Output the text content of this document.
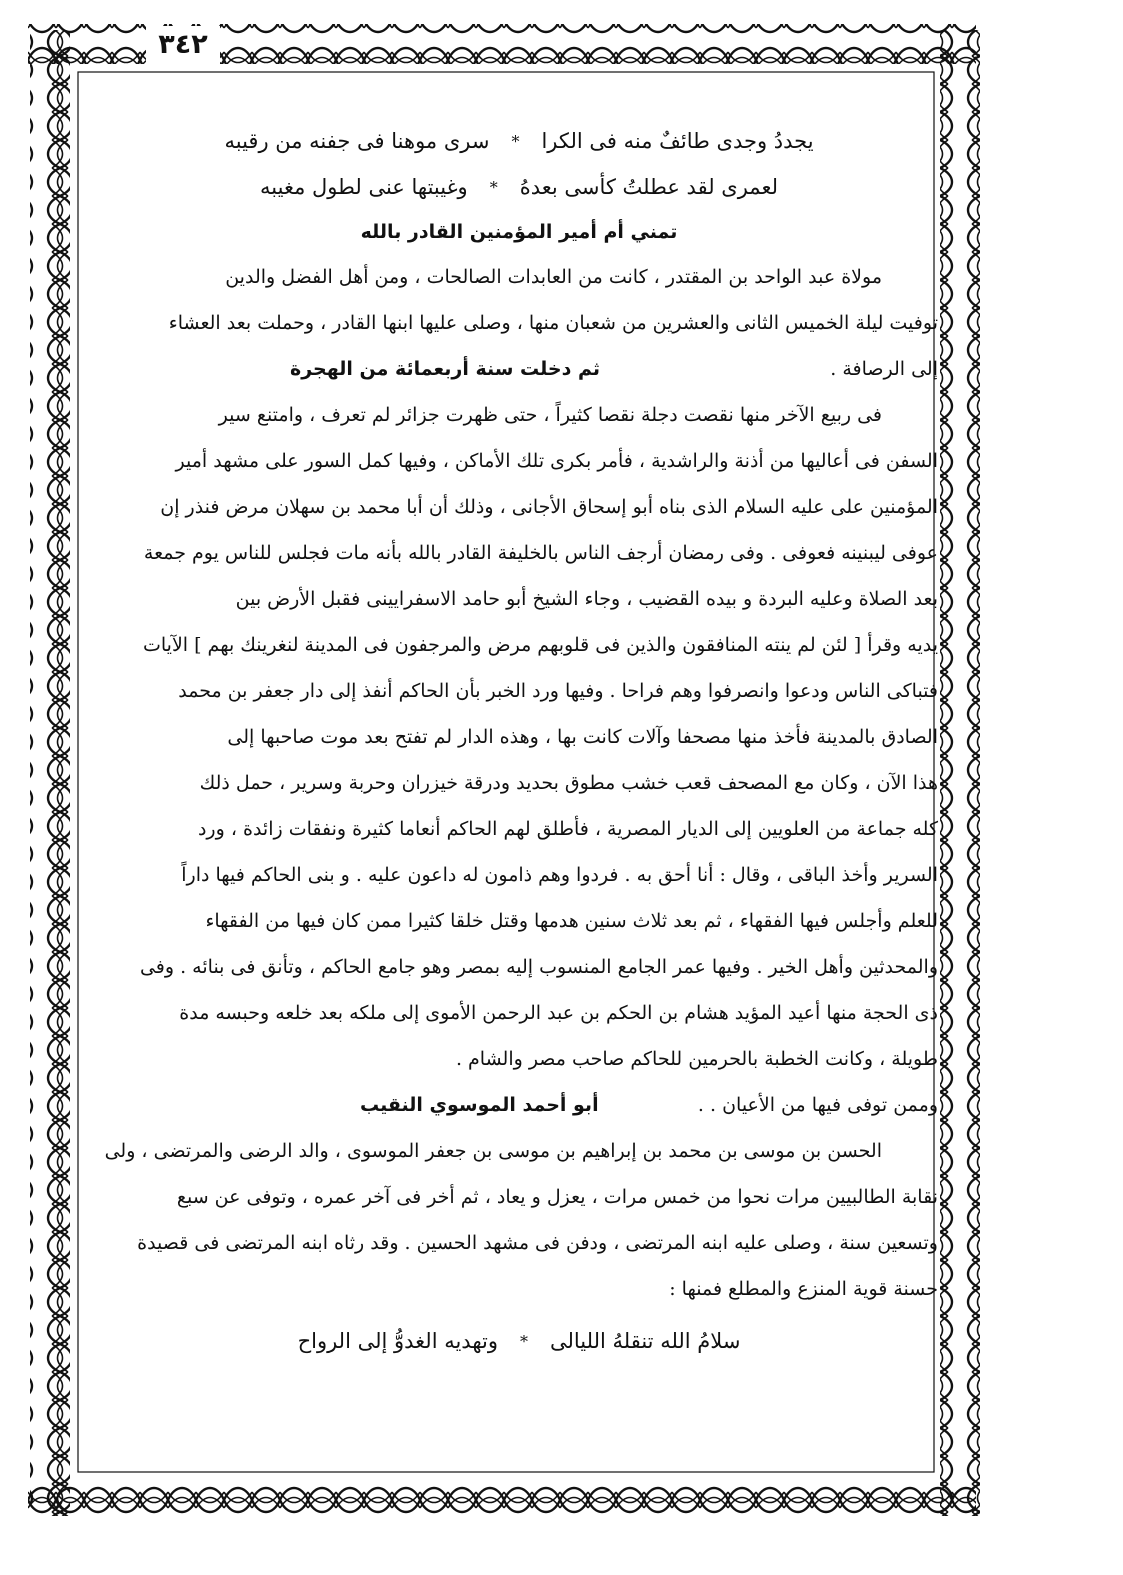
٣٤٢
يجددُ وجدى طائفٌ منه فى الكرا
*
سرى موهنا فى جفنه من رقيبه
لعمرى لقد عطلتُ كأسى بعدهُ
*
وغيبتها عنى لطول مغيبه
تمني أم أمير المؤمنين القادر بالله
مولاة عبد الواحد بن المقتدر ، كانت من العابدات الصالحات ، ومن أهل الفضل والدين
توفيت ليلة الخميس الثانى والعشرين من شعبان منها ، وصلى عليها ابنها القادر ، وحملت بعد العشاء
إلى الرصافة .
ثم دخلت سنة أربعمائة من الهجرة
فى ربيع الآخر منها نقصت دجلة نقصا كثيراً ، حتى ظهرت جزائر لم تعرف ، وامتنع سير
السفن فى أعاليها من أذنة والراشدية ، فأمر بكرى تلك الأماكن ، وفيها كمل السور على مشهد أمير
المؤمنين على عليه السلام الذى بناه أبو إسحاق الأجانى ، وذلك أن أبا محمد بن سهلان مرض فنذر إن
عوفى ليبنينه فعوفى . وفى رمضان أرجف الناس بالخليفة القادر بالله بأنه مات فجلس للناس يوم جمعة
بعد الصلاة وعليه البردة و بيده القضيب ، وجاء الشيخ أبو حامد الاسفرايينى فقبل الأرض بين
يديه وقرأ [ لئن لم ينته المنافقون والذين فى قلوبهم مرض والمرجفون فى المدينة لنغرينك بهم ] الآيات
فتباكى الناس ودعوا وانصرفوا وهم فراحا . وفيها ورد الخبر بأن الحاكم أنفذ إلى دار جعفر بن محمد
الصادق بالمدينة فأخذ منها مصحفا وآلات كانت بها ، وهذه الدار لم تفتح بعد موت صاحبها إلى
هذا الآن ، وكان مع المصحف قعب خشب مطوق بحديد ودرقة خيزران وحربة وسرير ، حمل ذلك
كله جماعة من العلويين إلى الديار المصرية ، فأطلق لهم الحاكم أنعاما كثيرة ونفقات زائدة ، ورد
السرير وأخذ الباقى ، وقال : أنا أحق به . فردوا وهم ذامون له داعون عليه . و بنى الحاكم فيها داراً
للعلم وأجلس فيها الفقهاء ، ثم بعد ثلاث سنين هدمها وقتل خلقا كثيرا ممن كان فيها من الفقهاء
والمحدثين وأهل الخير . وفيها عمر الجامع المنسوب إليه بمصر وهو جامع الحاكم ، وتأنق فى بنائه . وفى
ذى الحجة منها أعيد المؤيد هشام بن الحكم بن عبد الرحمن الأموى إلى ملكه بعد خلعه وحبسه مدة
طويلة ، وكانت الخطبة بالحرمين للحاكم صاحب مصر والشام .
وممن توفى فيها من الأعيان . .
أبو أحمد الموسوي النقيب
الحسن بن موسى بن محمد بن إبراهيم بن موسى بن جعفر الموسوى ، والد الرضى والمرتضى ، ولى
نقابة الطالبيين مرات نحوا من خمس مرات ، يعزل و يعاد ، ثم أخر فى آخر عمره ، وتوفى عن سبع
وتسعين سنة ، وصلى عليه ابنه المرتضى ، ودفن فى مشهد الحسين . وقد رثاه ابنه المرتضى فى قصيدة
حسنة قوية المنزع والمطلع فمنها :
سلامُ الله تنقلهُ الليالى
*
وتهديه الغدوُّ إلى الرواح
